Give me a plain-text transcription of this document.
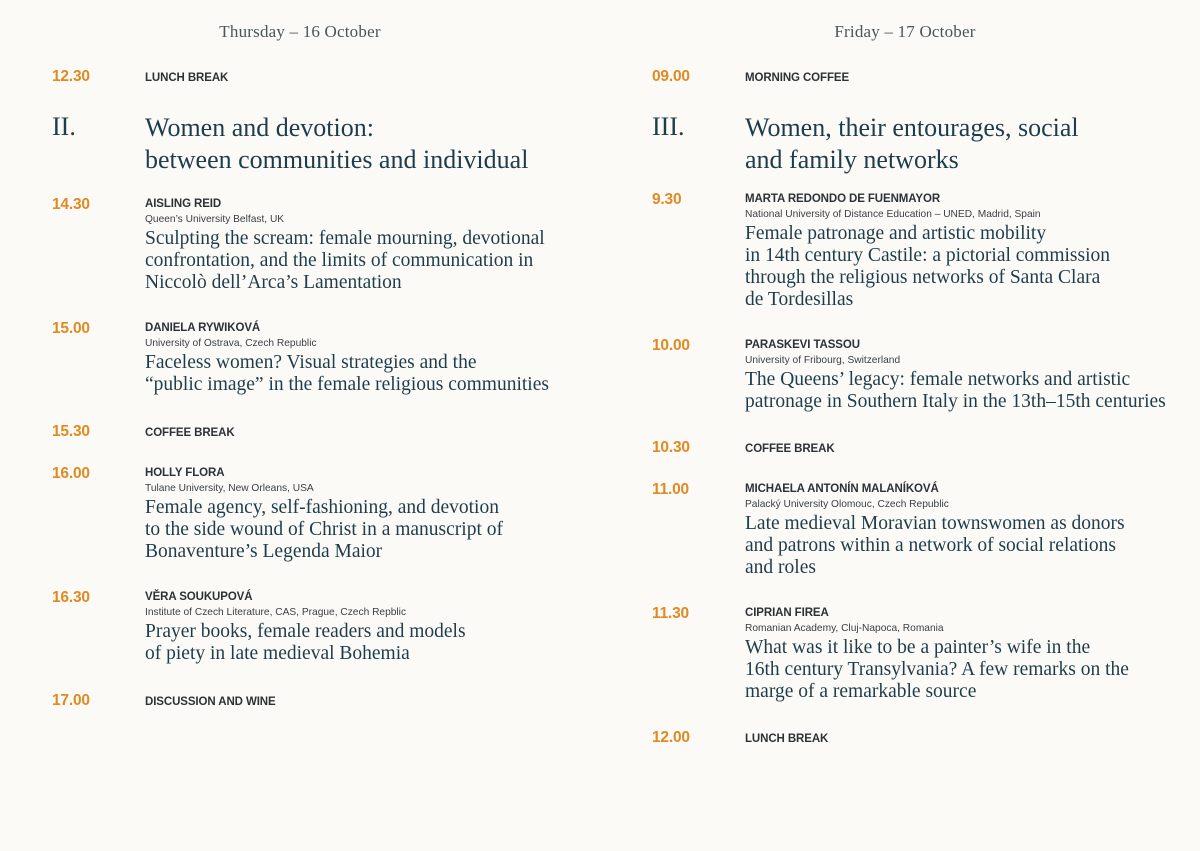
Thursday – 16 October
12.30	LUNCH BREAK
II.	Women and devotion:
between communities and individual
14.30	AISLING REID
Queen’s University Belfast, UK
Sculpting the scream: female mourning, devotional
confrontation, and the limits of communication in
Niccolò dell’Arca’s Lamentation
15.00	DANIELA RYWIKOVÁ
University of Ostrava, Czech Republic
Faceless women? Visual strategies and the
“public image” in the female religious communities
15.30	COFFEE BREAK
16.00	HOLLY FLORA
Tulane University, New Orleans, USA
Female agency, self-fashioning, and devotion
to the side wound of Christ in a manuscript of
Bonaventure’s Legenda Maior
16.30	VĚRA SOUKUPOVÁ
Institute of Czech Literature, CAS, Prague, Czech Repblic
Prayer books, female readers and models
of piety in late medieval Bohemia
17.00	DISCUSSION AND WINE
Friday – 17 October
09.00	MORNING COFFEE
III. Women, their entourages, social
and family networks
9.30	MARTA REDONDO DE FUENMAYOR
National University of Distance Education – UNED, Madrid, Spain
Female patronage and artistic mobility
in 14th century Castile: a pictorial commission
through the religious networks of Santa Clara
de Tordesillas
10.00	PARASKEVI TASSOU
University of Fribourg, Switzerland
The Queens’ legacy: female networks and artistic
patronage in Southern Italy in the 13th–15th centuries
10.30	COFFEE BREAK
11.00	MICHAELA ANTONÍN MALANÍKOVÁ
Palacký University Olomouc, Czech Republic
Late medieval Moravian townswomen as donors
and patrons within a network of social relations
and roles
11.30	CIPRIAN FIREA
Romanian Academy, Cluj-Napoca, Romania
What was it like to be a painter’s wife in the
16th century Transylvania? A few remarks on the
marge of a remarkable source
12.00	LUNCH BREAK
